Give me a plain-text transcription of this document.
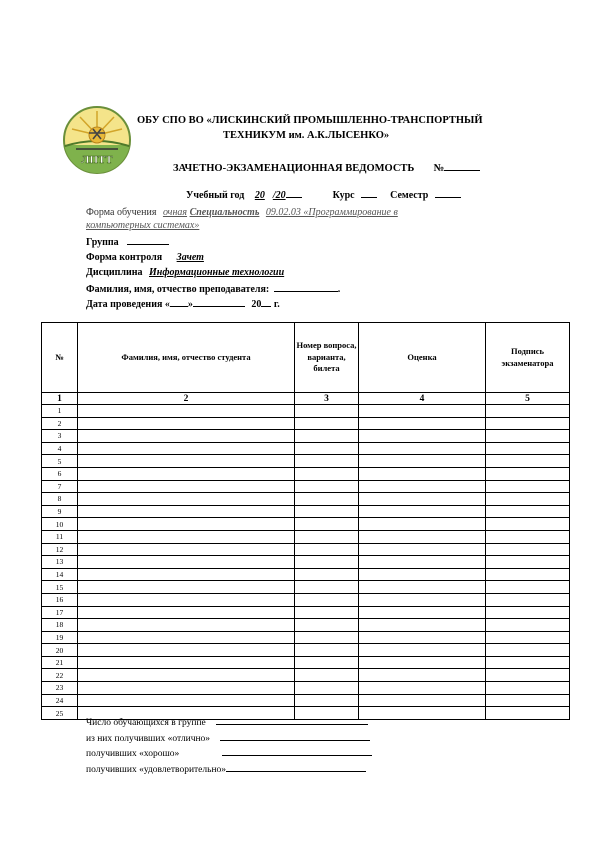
ЛПТТ
ОБУ СПО ВО «ЛИСКИНСКИЙ ПРОМЫШЛЕННО-ТРАНСПОРТНЫЙ
ТЕХНИКУМ им. А.К.ЛЫСЕНКО»
ЗАЧЕТНО-ЭКЗАМЕНАЦИОННАЯ ВЕДОМОСТЬ №
Учебный год 20 /20	Курс	Семестр
Форма обучения очная Специальность 09.02.03 «Программирование в
компьютерных системах»
Группа
Форма контроля Зачет
Дисциплина Информационные технологии
Фамилия, имя, отчество преподавателя:	.
Дата проведения « »	20 г.
№	Фамилия, имя, отчество студента	Номер вопроса, варианта, билета	Оценка	Подпись экзаменатора
1	2	3	4	5
1				
2				
3				
4				
5				
6				
7				
8				
9				
10				
11				
12				
13				
14				
15				
16				
17				
18				
19				
20				
21				
22				
23				
24				
25				
Число обучающихся в группе
из них получивших «отлично»
получивших «хорошо»
получивших «удовлетворительно»
